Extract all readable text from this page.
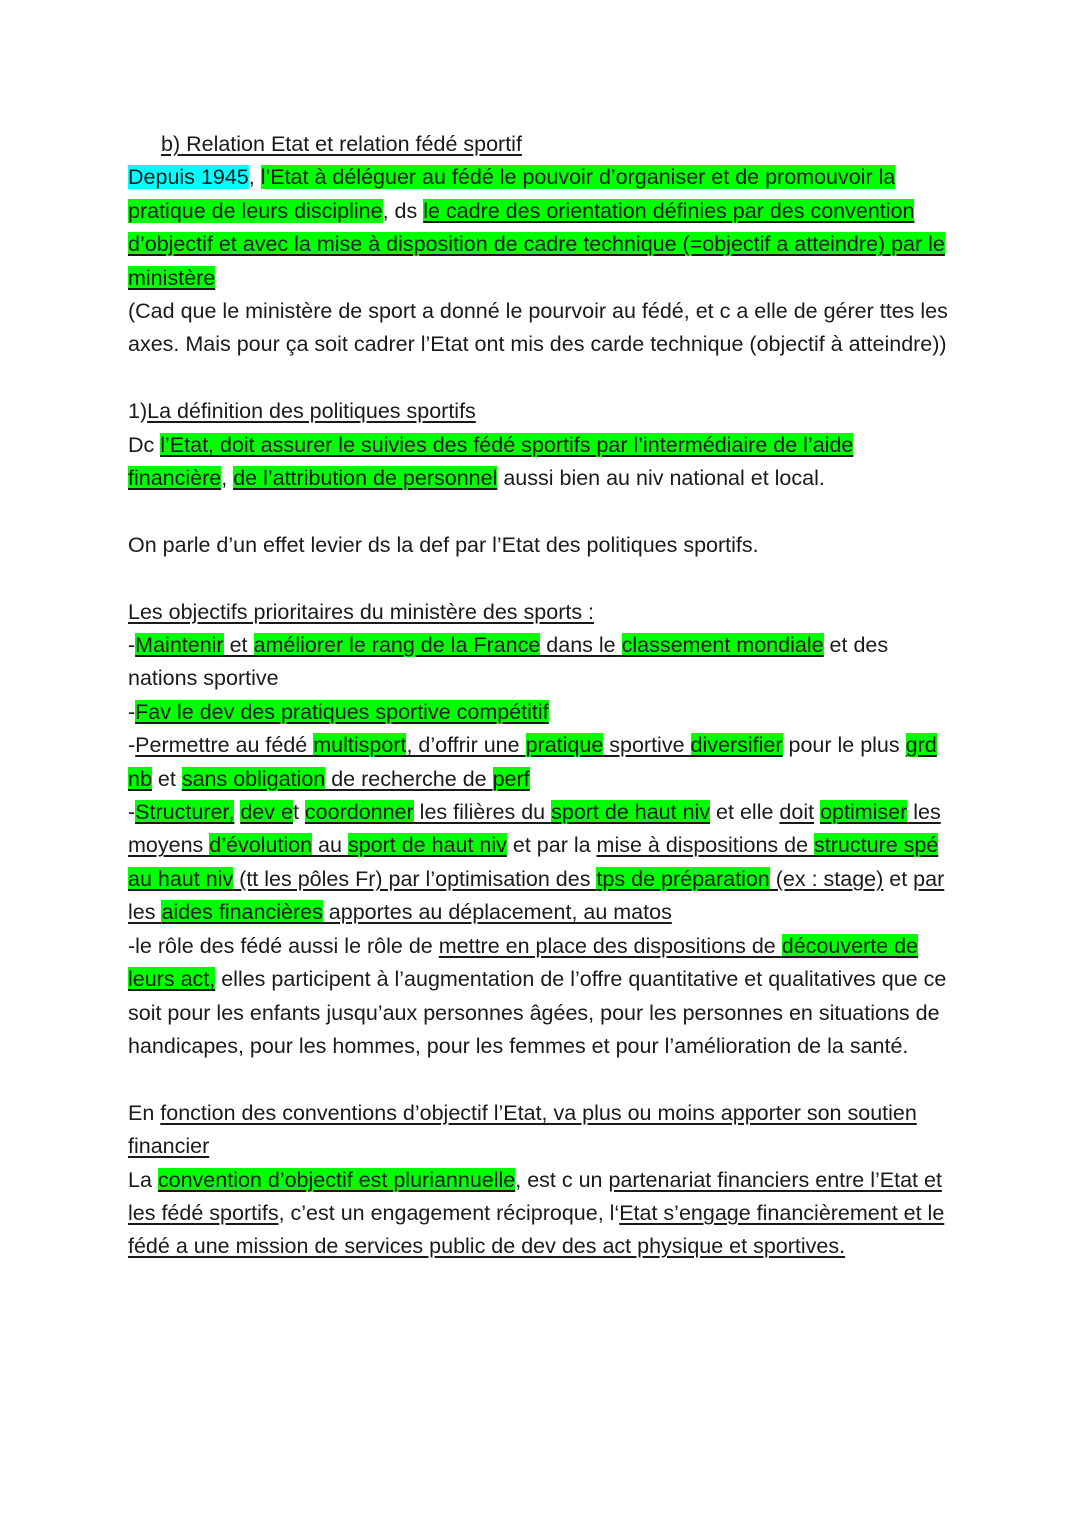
b) Relation Etat et relation fédé sportif

Depuis 1945, l’Etat à déléguer au fédé le pouvoir d’organiser et de promouvoir la pratique de leurs discipline, ds le cadre des orientation définies par des convention d’objectif et avec la mise à disposition de cadre technique (=objectif a atteindre) par le ministère

(Cad que le ministère de sport a donné le pourvoir au fédé, et c a elle de gérer ttes les axes. Mais pour ça soit cadrer l’Etat ont mis des carde technique (objectif à atteindre))

1)La définition des politiques sportifs

Dc l’Etat, doit assurer le suivies des fédé sportifs par l’intermédiaire de l’aide financière, de l’attribution de personnel aussi bien au niv national et local.

On parle d’un effet levier ds la def par l’Etat des politiques sportifs.

Les objectifs prioritaires du ministère des sports :

-Maintenir et améliorer le rang de la France dans le classement mondiale et des nations sportive

-Fav le dev des pratiques sportive compétitif

-Permettre au fédé multisport, d’offrir une pratique sportive diversifier pour le plus grd nb et sans obligation de recherche de perf

-Structurer, dev et coordonner les filières du sport de haut niv et elle doit optimiser les moyens d’évolution au sport de haut niv et par la mise à dispositions de structure spé au haut niv (tt les pôles Fr) par l’optimisation des tps de préparation (ex : stage) et par les aides financières apportes au déplacement, au matos

-le rôle des fédé aussi le rôle de mettre en place des dispositions de découverte de leurs act, elles participent à l’augmentation de l’offre quantitative et qualitatives que ce soit pour les enfants jusqu’aux personnes âgées, pour les personnes en situations de handicapes, pour les hommes, pour les femmes et pour l’amélioration de la santé.

En fonction des conventions d’objectif l’Etat, va plus ou moins apporter son soutien financier

La convention d’objectif est pluriannuelle, est c un partenariat financiers entre l’Etat et les fédé sportifs, c’est un engagement réciproque, l‘Etat s’engage financièrement et le fédé a une mission de services public de dev des act physique et sportives.
